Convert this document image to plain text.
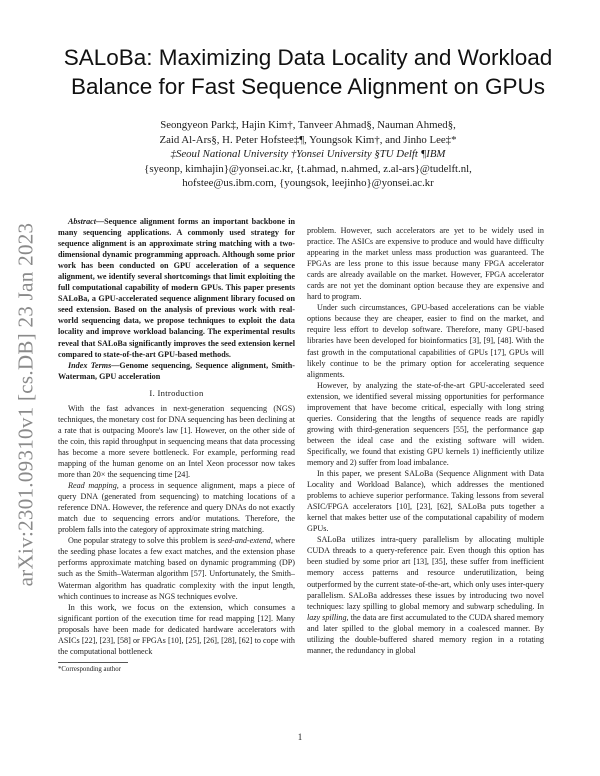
arXiv:2301.09310v1 [cs.DB] 23 Jan 2023
SALoBa: Maximizing Data Locality and Workload Balance for Fast Sequence Alignment on GPUs
Seongyeon Park‡, Hajin Kim†, Tanveer Ahmad§, Nauman Ahmed§,
Zaid Al-Ars§, H. Peter Hofstee‡¶, Youngsok Kim†, and Jinho Lee‡*
‡Seoul National University †Yonsei University §TU Delft ¶IBM
{syeonp, kimhajin}@yonsei.ac.kr, {t.ahmad, n.ahmed, z.al-ars}@tudelft.nl,
hofstee@us.ibm.com, {youngsok, leejinho}@yonsei.ac.kr

Abstract—Sequence alignment forms an important backbone in many sequencing applications. A commonly used strategy for sequence alignment is an approximate string matching with a two-dimensional dynamic programming approach. Although some prior work has been conducted on GPU acceleration of a sequence alignment, we identify several shortcomings that limit exploiting the full computational capability of modern GPUs. This paper presents SALoBa, a GPU-accelerated sequence alignment library focused on seed extension. Based on the analysis of previous work with real-world sequencing data, we propose techniques to exploit the data locality and improve workload balancing. The experimental results reveal that SALoBa significantly improves the seed extension kernel compared to state-of-the-art GPU-based methods.

Index Terms—Genome sequencing, Sequence alignment, Smith-Waterman, GPU acceleration

I. Introduction

With the fast advances in next-generation sequencing (NGS) techniques, the monetary cost for DNA sequencing has been declining at a rate that is outpacing Moore's law [1]. However, on the other side of the coin, this rapid throughput in sequencing means that data processing has become a more severe bottleneck. For example, performing read mapping of the human genome on an Intel Xeon processor now takes more than 20× the sequencing time [24].

Read mapping, a process in sequence alignment, maps a piece of query DNA (generated from sequencing) to matching locations of a reference DNA. However, the reference and query DNAs do not exactly match due to sequencing errors and/or mutations. Therefore, the problem falls into the category of approximate string matching.

One popular strategy to solve this problem is seed-and-extend, where the seeding phase locates a few exact matches, and the extension phase performs approximate matching based on dynamic programming (DP) such as the Smith–Waterman algorithm [57]. Unfortunately, the Smith–Waterman algorithm has quadratic complexity with the input length, which continues to increase as NGS techniques evolve.

In this work, we focus on the extension, which consumes a significant portion of the execution time for read mapping [12]. Many proposals have been made for dedicated hardware accelerators with ASICs [22], [23], [58] or FPGAs [10], [25], [26], [28], [62] to cope with the computational bottleneck

*Corresponding author

problem. However, such accelerators are yet to be widely used in practice. The ASICs are expensive to produce and would have difficulty appearing in the market unless mass production was guaranteed. The FPGAs are less prone to this issue because many FPGA accelerator cards are already available on the market. However, FPGA accelerator cards are not yet the dominant option because they are expensive and hard to program.

Under such circumstances, GPU-based accelerations can be viable options because they are cheaper, easier to find on the market, and require less effort to develop software. Therefore, many GPU-based libraries have been developed for bioinformatics [3], [9], [48]. With the fast growth in the computational capabilities of GPUs [17], GPUs will likely continue to be the primary option for accelerating sequence alignments.

However, by analyzing the state-of-the-art GPU-accelerated seed extension, we identified several missing opportunities for performance improvement that have become critical, especially with long string queries. Considering that the lengths of sequence reads are rapidly growing with third-generation sequencers [55], the performance gap between the ideal case and the existing software will widen. Specifically, we found that existing GPU kernels 1) inefficiently utilize memory and 2) suffer from load imbalance.

In this paper, we present SALoBa (Sequence Alignment with Data Locality and Workload Balance), which addresses the mentioned problems to achieve superior performance. Taking lessons from several ASIC/FPGA accelerators [10], [23], [62], SALoBa puts together a kernel that makes better use of the computational capability of modern GPUs.

SALoBa utilizes intra-query parallelism by allocating multiple CUDA threads to a query-reference pair. Even though this option has been studied by some prior art [13], [35], these suffer from inefficient memory access patterns and resource underutilization, being outperformed by the current state-of-the-art, which only uses inter-query parallelism. SALoBa addresses these issues by introducing two novel techniques: lazy spilling to global memory and subwarp scheduling. In lazy spilling, the data are first accumulated to the CUDA shared memory and later spilled to the global memory in a coalesced manner. By utilizing the double-buffered shared memory region in a rotating manner, the redundancy in global

1
